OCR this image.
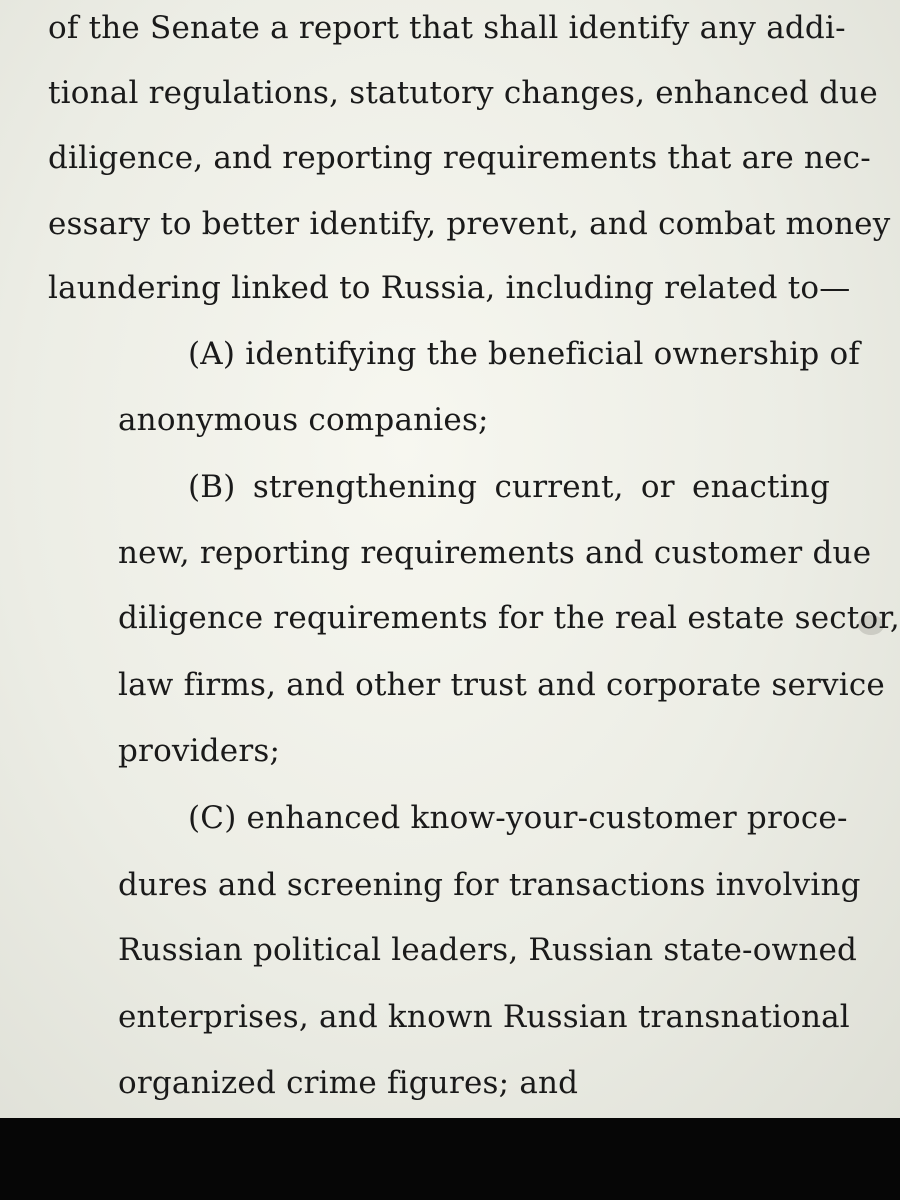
of the Senate a report that shall identify any addi-
tional regulations, statutory changes, enhanced due
diligence, and reporting requirements that are nec-
essary to better identify, prevent, and combat money
laundering linked to Russia, including related to—
(A) identifying the beneficial ownership of
anonymous companies;
(B) strengthening current, or enacting
new, reporting requirements and customer due
diligence requirements for the real estate sector,
law firms, and other trust and corporate service
providers;
(C) enhanced know-your-customer proce-
dures and screening for transactions involving
Russian political leaders, Russian state-owned
enterprises, and known Russian transnational
organized crime figures; and
